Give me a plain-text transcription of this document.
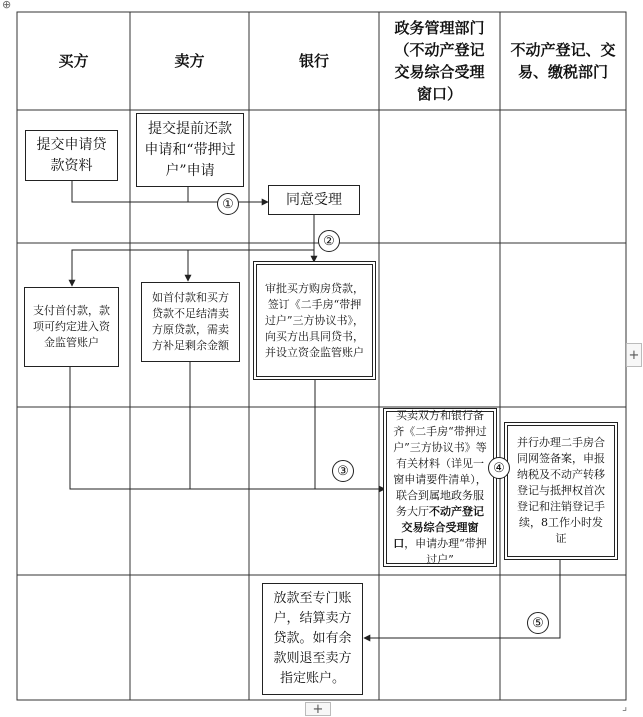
买方	卖方	银行
政务管理部门
（不动产登记
交易综合受理
窗口）
不动产登记、交
易、缴税部门
提交申请贷款资料
提交提前还款申请和“带押过户”申请
同意受理
支付首付款，款项可约定进入资金监管账户
如首付款和买方贷款不足结清卖方原贷款，需卖方补足剩余金额
审批买方购房贷款，签订《二手房“带押过户”三方协议书》，向买方出具同贷书，并设立资金监管账户
买卖双方和银行备齐《二手房“带押过户”三方协议书》等有关材料（详见一窗申请要件清单），联合到属地政务服务大厅不动产登记交易综合受理窗口，申请办理“带押过户”
并行办理二手房合同网签备案，申报纳税及不动产转移登记与抵押权首次登记和注销登记手续，8工作小时发证
放款至专门账户，结算卖方贷款。如有余款则退至卖方指定账户。
①
②
③	④
⑤
⊕
+
+	⌟
